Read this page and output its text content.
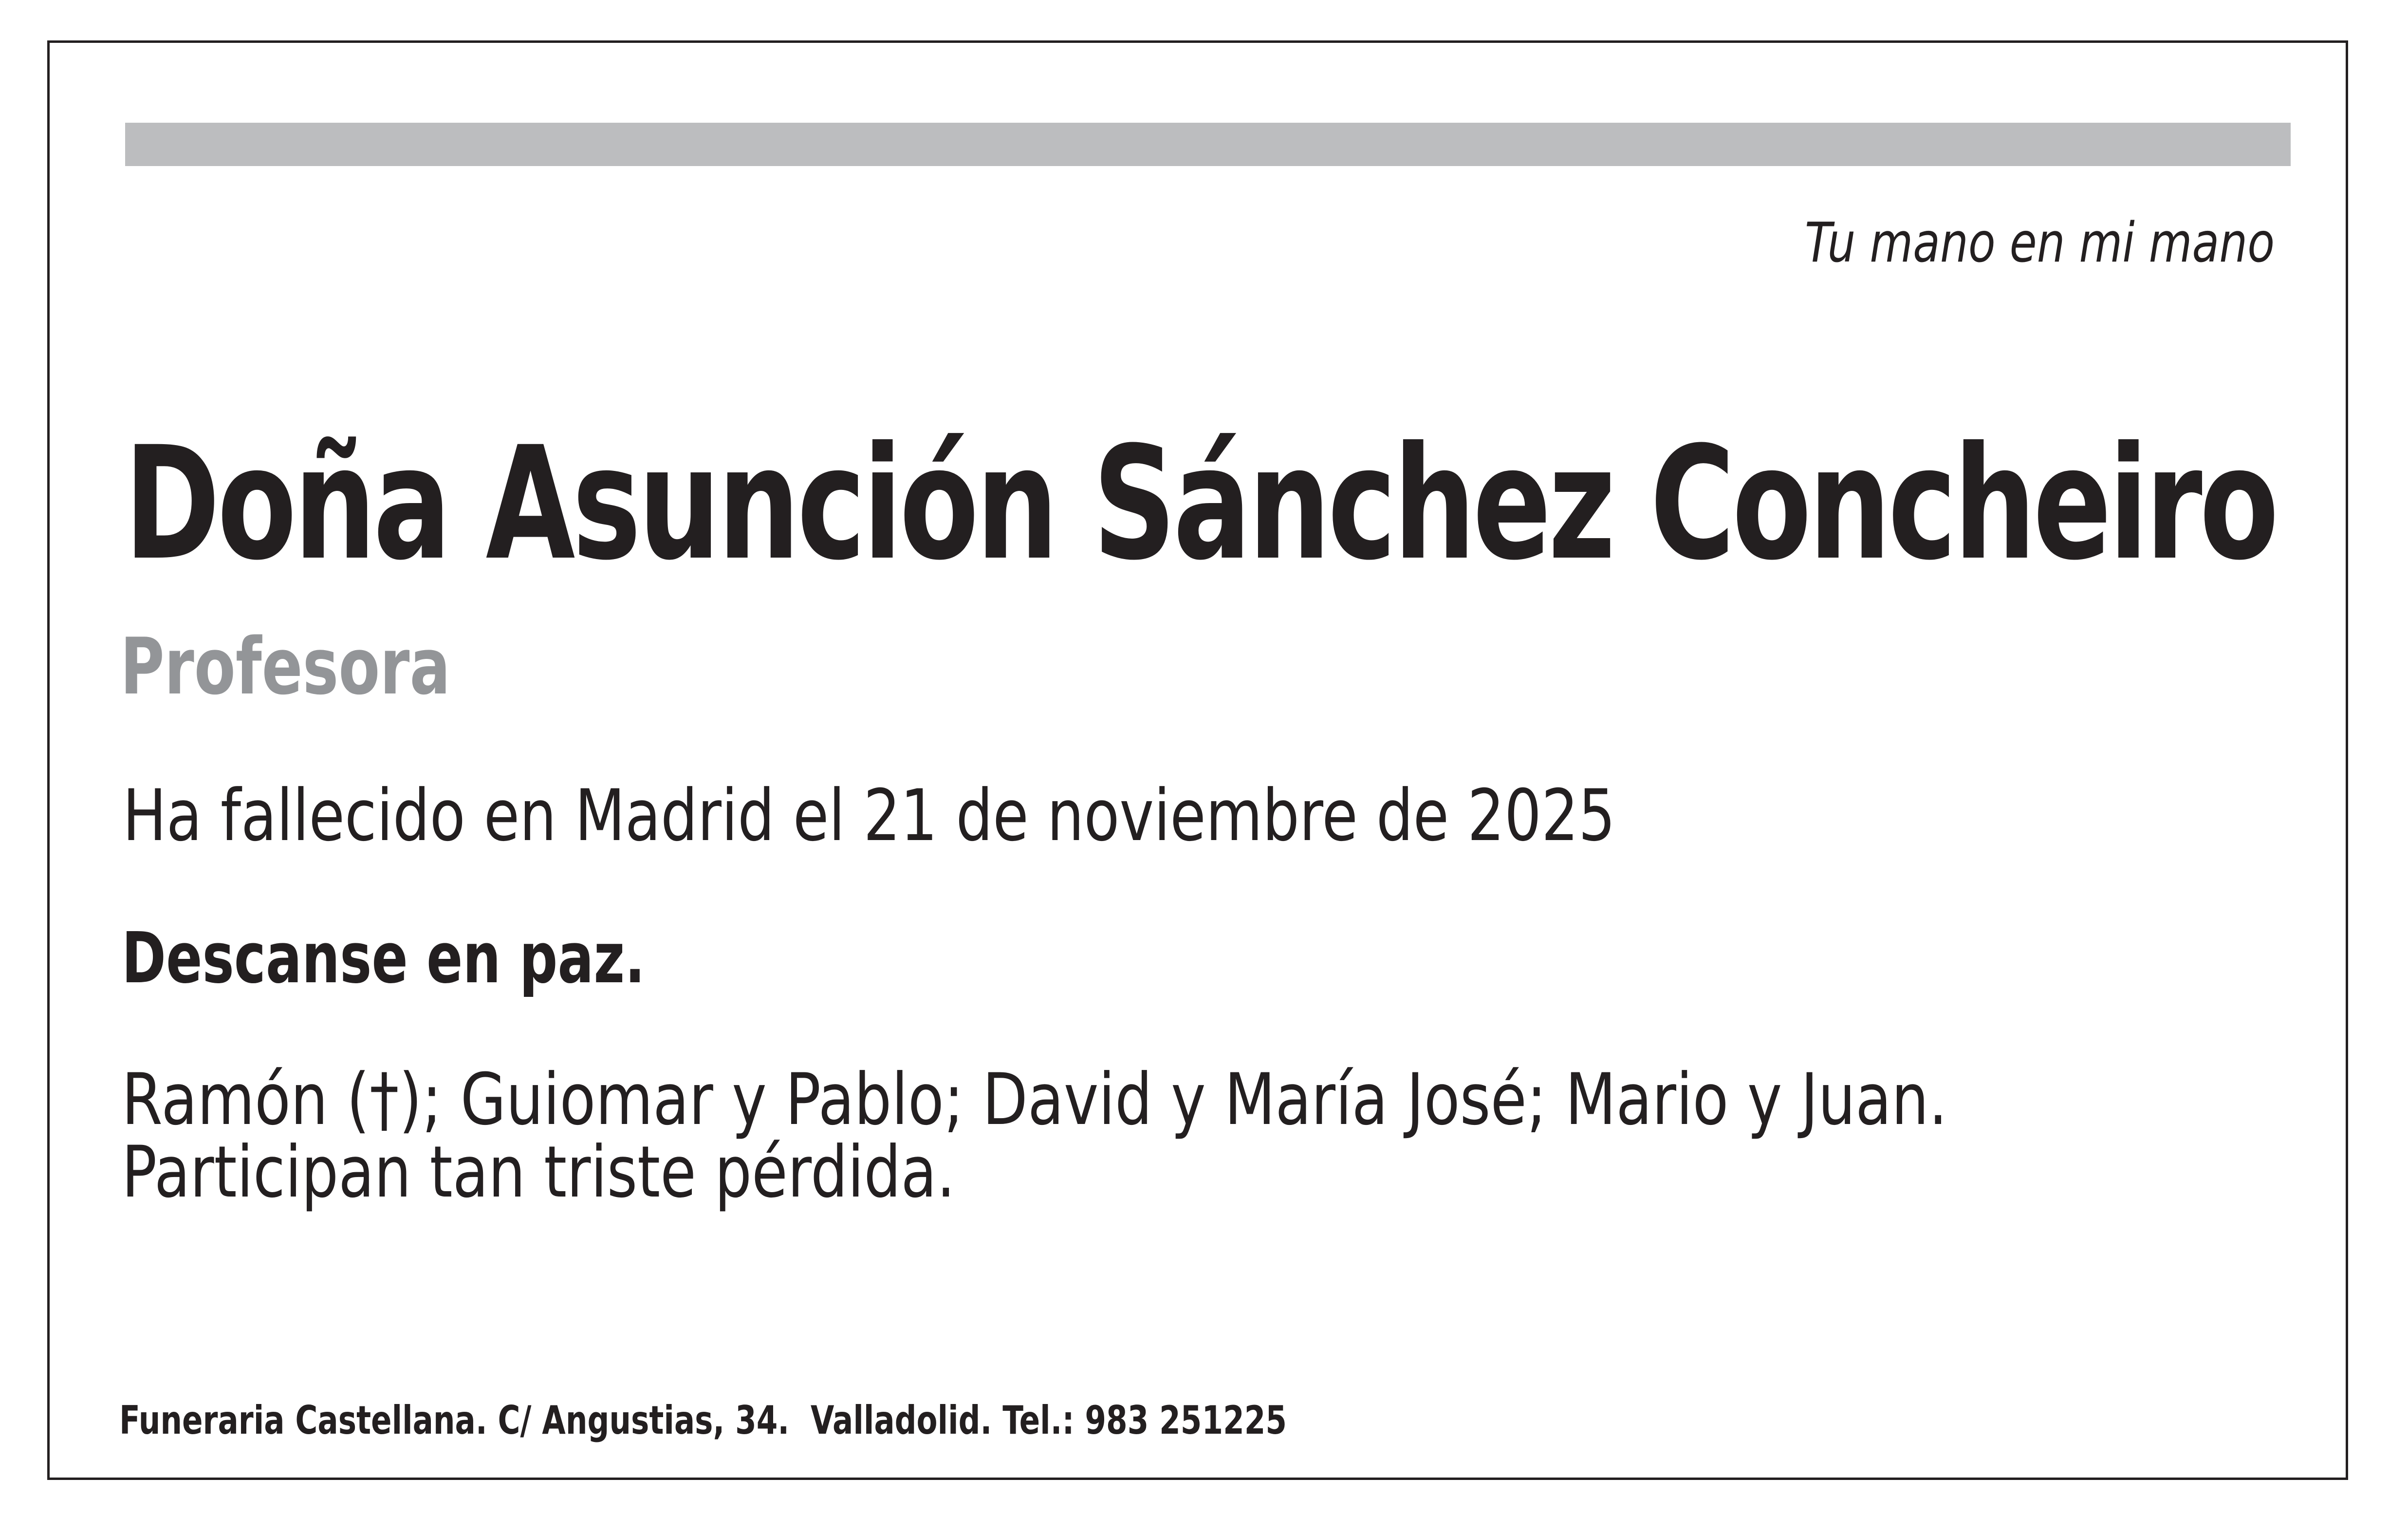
Tu mano en mi mano
Doña Asunción Sánchez Concheiro
Profesora
Ha fallecido en Madrid el 21 de noviembre de 2025
Descanse en paz.
Ramón (†); Guiomar y Pablo; David y María José; Mario y Juan.
Participan tan triste pérdida.
Funeraria Castellana. C/ Angustias, 34.  Valladolid. Tel.: 983 251225
